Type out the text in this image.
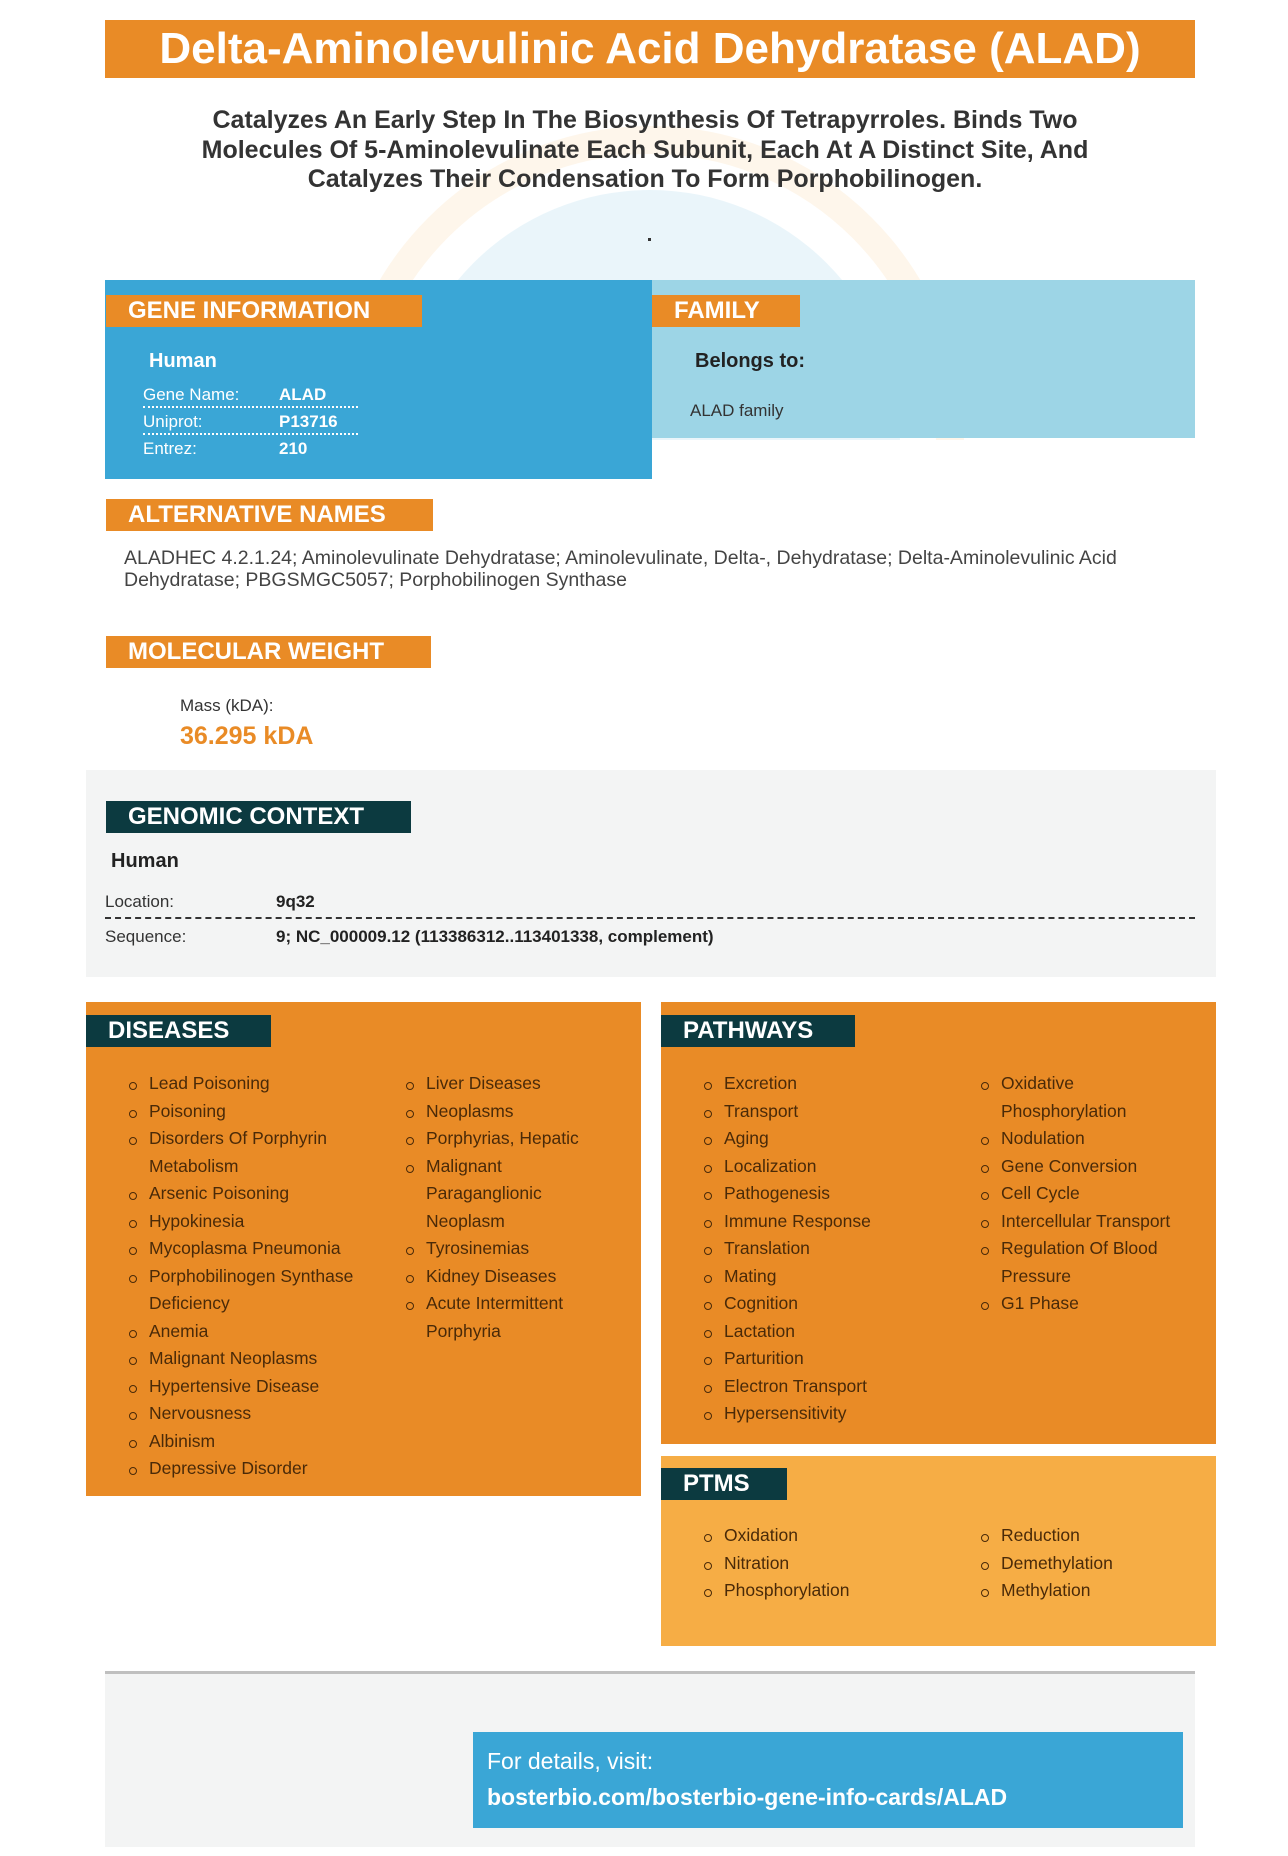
Delta-Aminolevulinic Acid Dehydratase (ALAD)
Catalyzes An Early Step In The Biosynthesis Of Tetrapyrroles. Binds Two Molecules Of 5-Aminolevulinate Each Subunit, Each At A Distinct Site, And Catalyzes Their Condensation To Form Porphobilinogen.
GENE INFORMATION
Human
Gene Name: ALAD
Uniprot:	P13716
Entrez:	210
FAMILY
Belongs to:
ALAD family
ALTERNATIVE NAMES
ALADHEC 4.2.1.24; Aminolevulinate Dehydratase; Aminolevulinate, Delta-, Dehydratase; Delta-Aminolevulinic Acid Dehydratase; PBGSMGC5057; Porphobilinogen Synthase
MOLECULAR WEIGHT
Mass (kDA):
36.295 kDA
GENOMIC CONTEXT
Human
Location:	9q32
Sequence:	9; NC_000009.12 (113386312..113401338, complement)
DISEASES
Lead Poisoning
Poisoning
Disorders Of Porphyrin Metabolism
Arsenic Poisoning
Hypokinesia
Mycoplasma Pneumonia
Porphobilinogen Synthase Deficiency
Anemia
Malignant Neoplasms
Hypertensive Disease
Nervousness
Albinism
Depressive Disorder
Liver Diseases
Neoplasms
Porphyrias, Hepatic
Malignant Paraganglionic Neoplasm
Tyrosinemias
Kidney Diseases
Acute Intermittent Porphyria
PATHWAYS
Excretion
Transport
Aging
Localization
Pathogenesis
Immune Response
Translation
Mating
Cognition
Lactation
Parturition
Electron Transport
Hypersensitivity
Oxidative Phosphorylation
Nodulation
Gene Conversion
Cell Cycle
Intercellular Transport
Regulation Of Blood Pressure
G1 Phase
PTMS
Oxidation
Nitration
Phosphorylation
Reduction
Demethylation
Methylation
For details, visit:
bosterbio.com/bosterbio-gene-info-cards/ALAD
